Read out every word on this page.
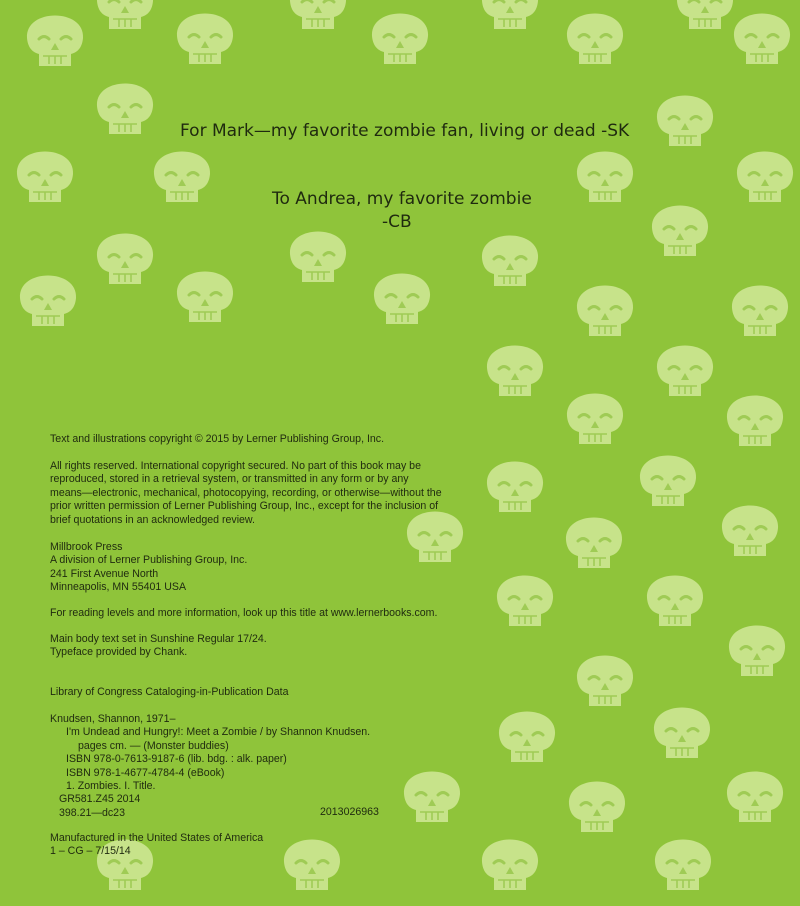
For Mark—my favorite zombie fan, living or dead -SK
To Andrea, my favorite zombie
-CB
Text and illustrations copyright © 2015 by Lerner Publishing Group, Inc.
All rights reserved. International copyright secured. No part of this book may be
reproduced, stored in a retrieval system, or transmitted in any form or by any
means—electronic, mechanical, photocopying, recording, or otherwise—without the
prior written permission of Lerner Publishing Group, Inc., except for the inclusion of
brief quotations in an acknowledged review.
Millbrook Press
A division of Lerner Publishing Group, Inc.
241 First Avenue North
Minneapolis, MN 55401 USA
For reading levels and more information, look up this title at www.lernerbooks.com.
Main body text set in Sunshine Regular 17/24.
Typeface provided by Chank.
Library of Congress Cataloging-in-Publication Data
Knudsen, Shannon, 1971–
I'm Undead and Hungry!: Meet a Zombie / by Shannon Knudsen.
pages cm. — (Monster buddies)
ISBN 978-0-7613-9187-6 (lib. bdg. : alk. paper)
ISBN 978-1-4677-4784-4 (eBook)
1. Zombies. I. Title.
GR581.Z45 2014
398.21—dc23	2013026963
Manufactured in the United States of America
1 – CG – 7/15/14
